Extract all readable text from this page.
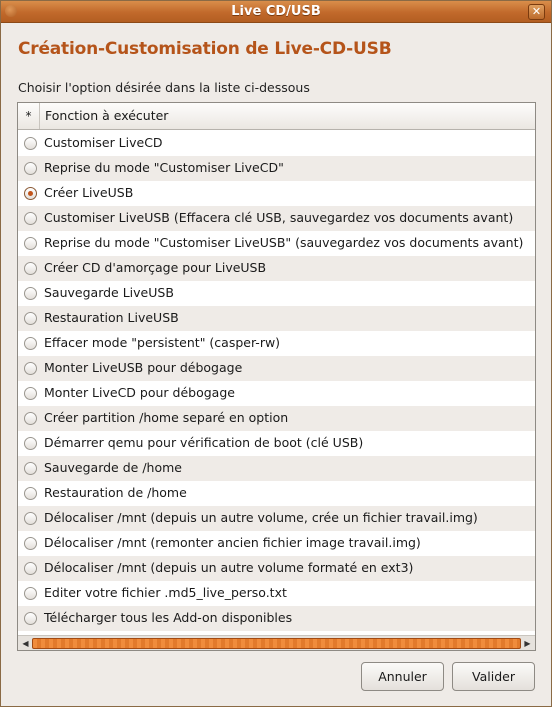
Live CD/USB	✕
Création-Customisation de Live-CD-USB
Choisir l'option désirée dans la liste ci-dessous
*	Fonction à exécuter
Customiser LiveCD
Reprise du mode "Customiser LiveCD"
Créer LiveUSB
Customiser LiveUSB (Effacera clé USB, sauvegardez vos documents avant)
Reprise du mode "Customiser LiveUSB" (sauvegardez vos documents avant)
Créer CD d'amorçage pour LiveUSB
Sauvegarde LiveUSB
Restauration LiveUSB
Effacer mode "persistent" (casper-rw)
Monter LiveUSB pour débogage
Monter LiveCD pour débogage
Créer partition /home separé en option
Démarrer qemu pour vérification de boot (clé USB)
Sauvegarde de /home
Restauration de /home
Délocaliser /mnt (depuis un autre volume, crée un fichier travail.img)
Délocaliser /mnt (remonter ancien fichier image travail.img)
Délocaliser /mnt (depuis un autre volume formaté en ext3)
Editer votre fichier .md5_live_perso.txt
Télécharger tous les Add-on disponibles
◀	▶
Annuler	Valider
